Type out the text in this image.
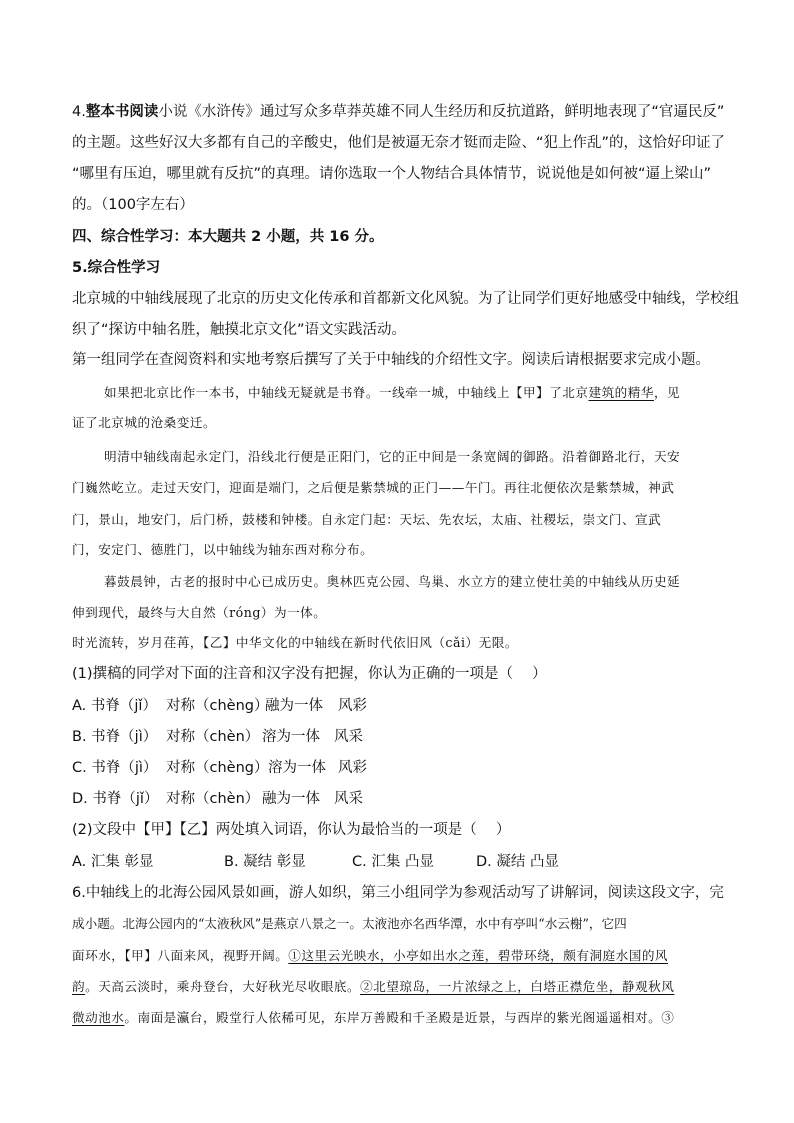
4.整本书阅读小说《水浒传》通过写众多草莽英雄不同人生经历和反抗道路，鲜明地表现了“官逼民反”
的主题。这些好汉大多都有自己的辛酸史，他们是被逼无奈才铤而走险、“犯上作乱”的，这恰好印证了
“哪里有压迫，哪里就有反抗”的真理。请你选取一个人物结合具体情节，说说他是如何被“逼上梁山”
的。（100字左右）
四、综合性学习：本大题共 2 小题，共 16 分。
5.综合性学习
北京城的中轴线展现了北京的历史文化传承和首都新文化风貌。为了让同学们更好地感受中轴线，学校组
织了“探访中轴名胜，触摸北京文化”语文实践活动。
第一组同学在查阅资料和实地考察后撰写了关于中轴线的介绍性文字。阅读后请根据要求完成小题。
如果把北京比作一本书，中轴线无疑就是书脊。一线牵一城，中轴线上【甲】了北京建筑的精华，见
证了北京城的沧桑变迁。
明清中轴线南起永定门，沿线北行便是正阳门，它的正中间是一条宽阔的御路。沿着御路北行，天安
门巍然屹立。走过天安门，迎面是端门，之后便是紫禁城的正门——午门。再往北便依次是紫禁城，神武
门，景山，地安门，后门桥，鼓楼和钟楼。自永定门起：天坛、先农坛，太庙、社稷坛，崇文门、宣武
门，安定门、德胜门，以中轴线为轴东西对称分布。
暮鼓晨钟，古老的报时中心已成历史。奥林匹克公园、鸟巢、水立方的建立使壮美的中轴线从历史延
伸到现代，最终与大自然（róng）为一体。
时光流转，岁月荏苒，【乙】中华文化的中轴线在新时代依旧风（cǎi）无限。
(1)撰稿的同学对下面的注音和汉字没有把握，你认为正确的一项是（　 ）
A. 书脊（jǐ） 对称（chèng）
融为一体 风彩
B. 书脊（jì） 对称（chèn） 溶为一体 风采
C. 书脊（jì） 对称（chèng） 溶为一体 风彩
D. 书脊（jǐ） 对称（chèn） 融为一体 风采
(2)文段中【甲】【乙】两处填入词语，你认为最恰当的一项是（　 ）
A. 汇集 彰显	B. 凝结 彰显	C. 汇集 凸显	D. 凝结 凸显
6.中轴线上的北海公园风景如画，游人如织，第三小组同学为参观活动写了讲解词，阅读这段文字，完
成小题。北海公园内的“太液秋风”是燕京八景之一。太液池亦名西华潭，水中有亭叫“水云榭”，它四
面环水，【甲】八面来风，视野开阔。①这里云光映水，小亭如出水之莲，碧带环绕，颇有洞庭水国的风
韵。天高云淡时，乘舟登台，大好秋光尽收眼底。②北望琼岛，一片浓绿之上，白塔正襟危坐，静观秋风
微动池水。南面是瀛台，殿堂行人依稀可见，东岸万善殿和千圣殿是近景，与西岸的紫光阁遥遥相对。③
